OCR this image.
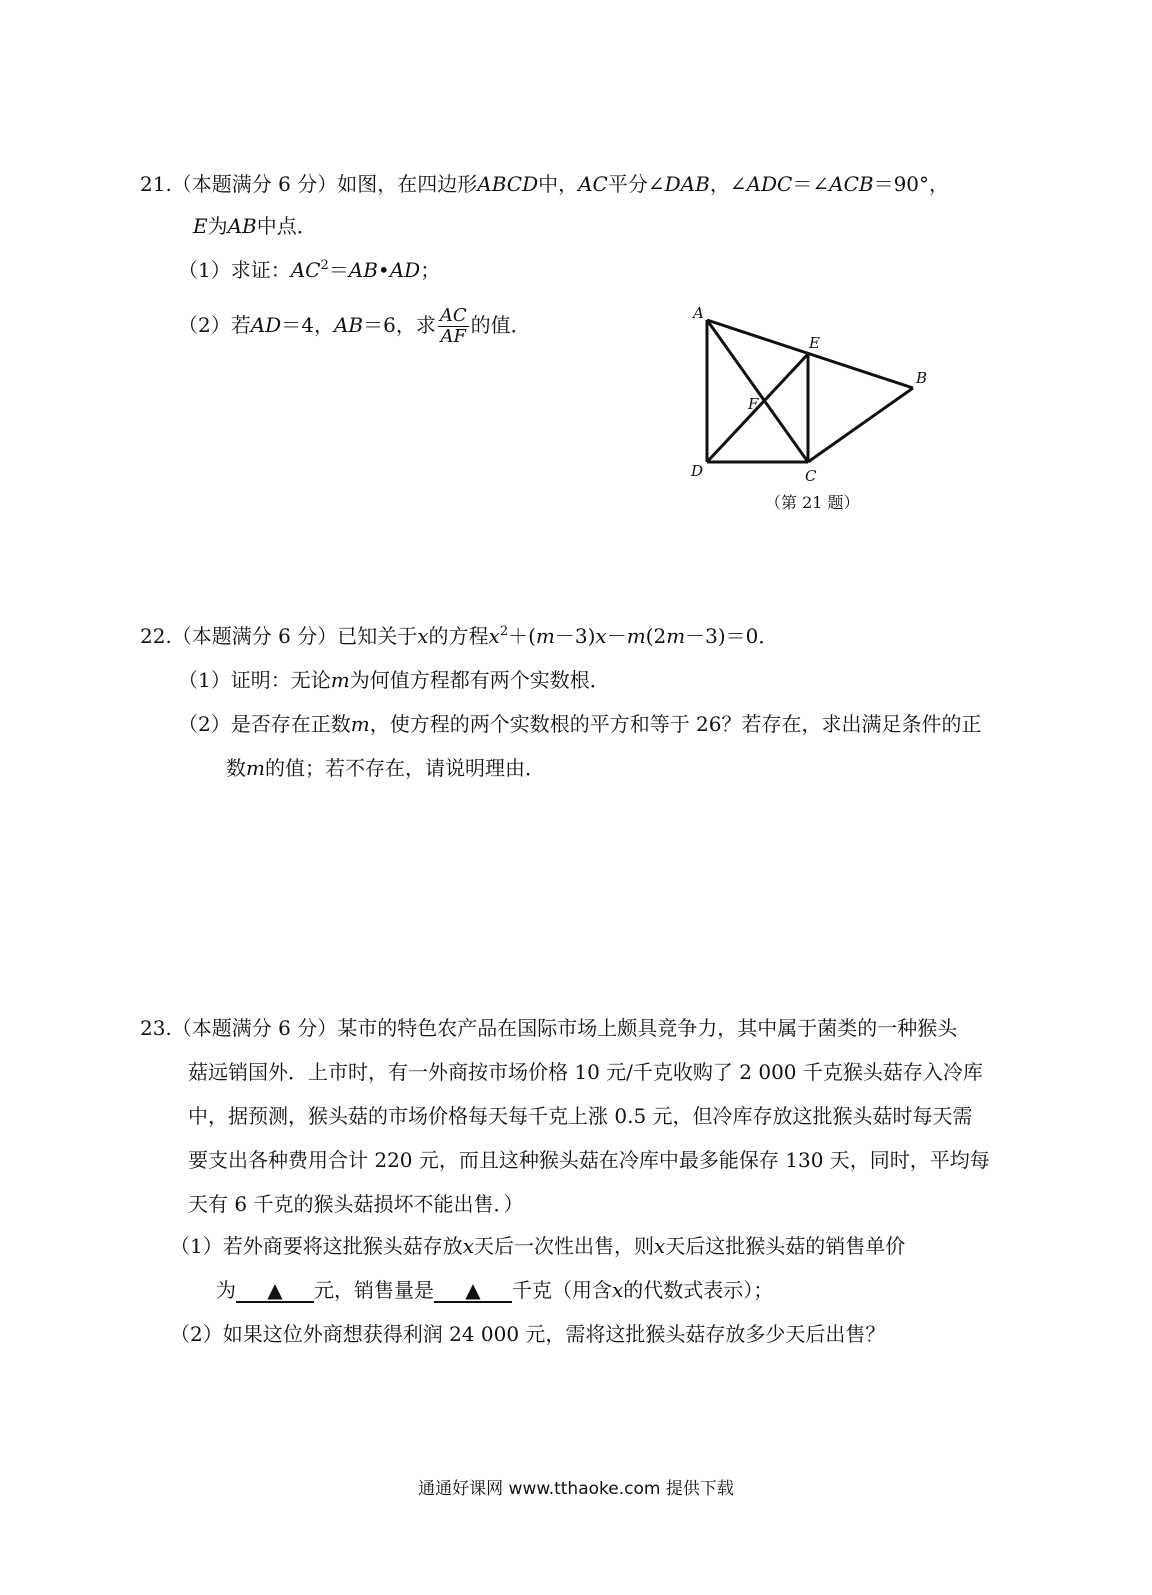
21.（本题满分 6 分）如图，在四边形ABCD中，AC平分∠DAB，∠ADC＝∠ACB＝90°，
E为AB中点．
（1）求证：$AC^2=AB•AD$；
（2）若AD＝4，AB＝6，求 $\frac{AC}{AF}$ 的值．	A
E
B
F
D	C
（第 21 题）
22.（本题满分 6 分）已知关于x的方程$x^2+(m-3)x-m(2m-3)=0$．
（1）证明：无论m为何值方程都有两个实数根．
（2）是否存在正数m，使方程的两个实数根的平方和等于 26？若存在，求出满足条件的正
数m的值；若不存在，请说明理由．
23.（本题满分 6 分）某市的特色农产品在国际市场上颇具竞争力，其中属于菌类的一种猴头
菇远销国外．上市时，有一外商按市场价格 10 元/千克收购了 2 000 千克猴头菇存入冷库
中，据预测，猴头菇的市场价格每天每千克上涨 0.5 元，但冷库存放这批猴头菇时每天需
要支出各种费用合计 220 元，而且这种猴头菇在冷库中最多能保存 130 天，同时，平均每
天有 6 千克的猴头菇损坏不能出售．）
（1）若外商要将这批猴头菇存放x天后一次性出售，则x天后这批猴头菇的销售单价
为 ▲ 元，销售量是 ▲ 千克（用含x的代数式表示）；
（2）如果这位外商想获得利润 24 000 元，需将这批猴头菇存放多少天后出售？
通通好课网 www.tthaoke.com 提供下载
